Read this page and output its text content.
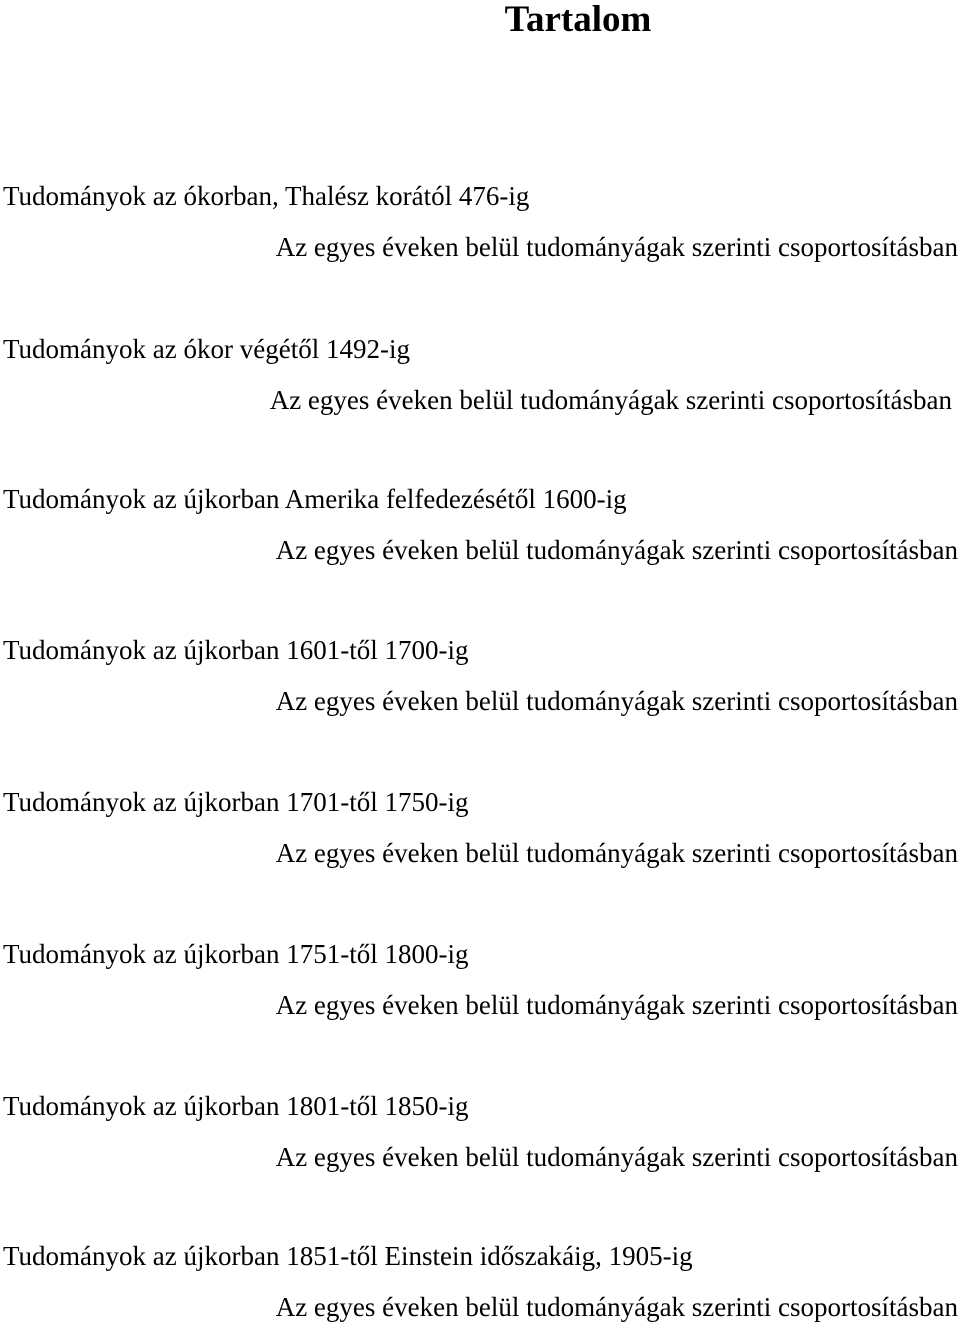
Tartalom
Tudományok az ókorban, Thalész korától 476-ig
Az egyes éveken belül tudományágak szerinti csoportosításban
Tudományok az ókor végétől 1492-ig
Az egyes éveken belül tudományágak szerinti csoportosításban
Tudományok az újkorban Amerika felfedezésétől 1600-ig
Az egyes éveken belül tudományágak szerinti csoportosításban
Tudományok az újkorban 1601-től 1700-ig
Az egyes éveken belül tudományágak szerinti csoportosításban
Tudományok az újkorban 1701-től 1750-ig
Az egyes éveken belül tudományágak szerinti csoportosításban
Tudományok az újkorban 1751-től 1800-ig
Az egyes éveken belül tudományágak szerinti csoportosításban
Tudományok az újkorban 1801-től 1850-ig
Az egyes éveken belül tudományágak szerinti csoportosításban
Tudományok az újkorban 1851-től Einstein időszakáig, 1905-ig
Az egyes éveken belül tudományágak szerinti csoportosításban
